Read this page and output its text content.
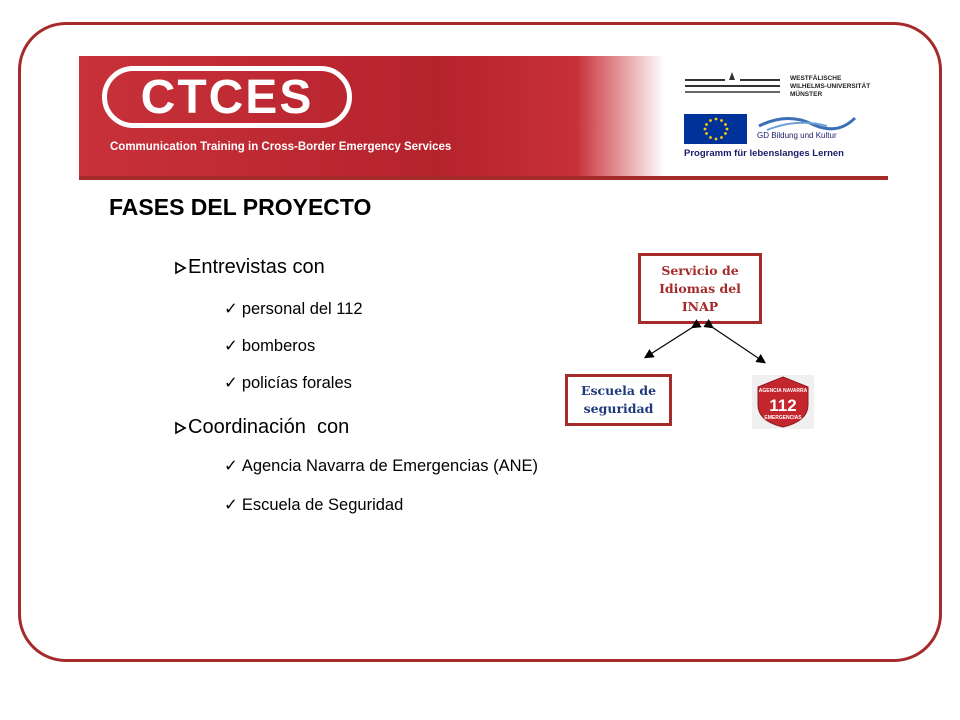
CTCES
Communication Training in Cross-Border Emergency Services
WESTFÄLISCHE
WILHELMS-UNIVERSITÄT
MÜNSTER
GD Bildung und Kultur
Programm für lebenslanges Lernen
FASES DEL PROYECTO
Entrevistas con
✓ personal del 112
✓ bomberos
✓ policías forales
Coordinación  con
✓ Agencia Navarra de Emergencias (ANE)
✓ Escuela de Seguridad
Servicio de Idiomas del INAP
Escuela de seguridad
AGENCIA NAVARRA
112
EMERGENCIAS
